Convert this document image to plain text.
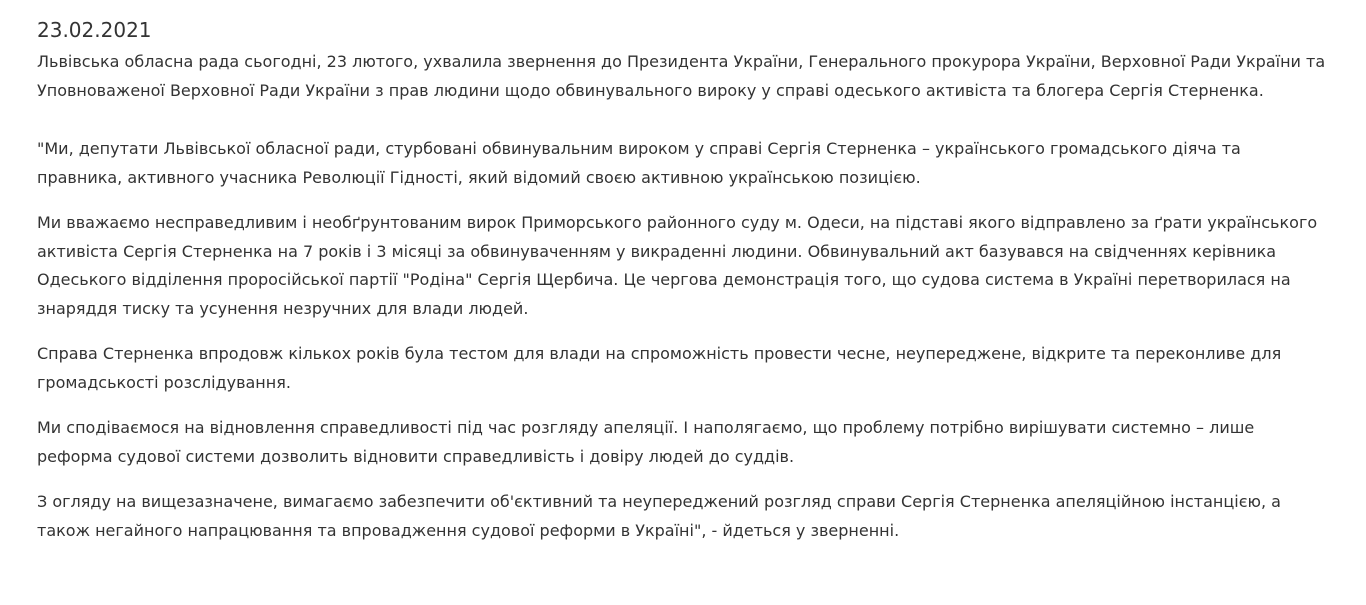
23.02.2021

Львівська обласна рада сьогодні, 23 лютого, ухвалила звернення до Президента України, Генерального прокурора України, Верховної Ради України та Уповноваженої Верховної Ради України з прав людини щодо обвинувального вироку у справі одеського активіста та блогера Сергія Стерненка.

"Ми, депутати Львівської обласної ради, стурбовані обвинувальним вироком у справі Сергія Стерненка – українського громадського діяча та правника, активного учасника Революції Гідності, який відомий своєю активною українською позицією.

Ми вважаємо несправедливим і необґрунтованим вирок Приморського районного суду м. Одеси, на підставі якого відправлено за ґрати українського активіста Сергія Стерненка на 7 років і 3 місяці за обвинуваченням у викраденні людини. Обвинувальний акт базувався на свідченнях керівника Одеського відділення проросійської партії "Родіна" Сергія Щербича. Це чергова демонстрація того, що судова система в Україні перетворилася на знаряддя тиску та усунення незручних для влади людей.

Справа Стерненка впродовж кількох років була тестом для влади на спроможність провести чесне, неупереджене, відкрите та переконливе для громадськості розслідування.

Ми сподіваємося на відновлення справедливості під час розгляду апеляції. І наполягаємо, що проблему потрібно вирішувати системно – лише реформа судової системи дозволить відновити справедливість і довіру людей до суддів.

З огляду на вищезазначене, вимагаємо забезпечити об'єктивний та неупереджений розгляд справи Сергія Стерненка апеляційною інстанцією, а також негайного напрацювання та впровадження судової реформи в Україні", - йдеться у зверненні.
